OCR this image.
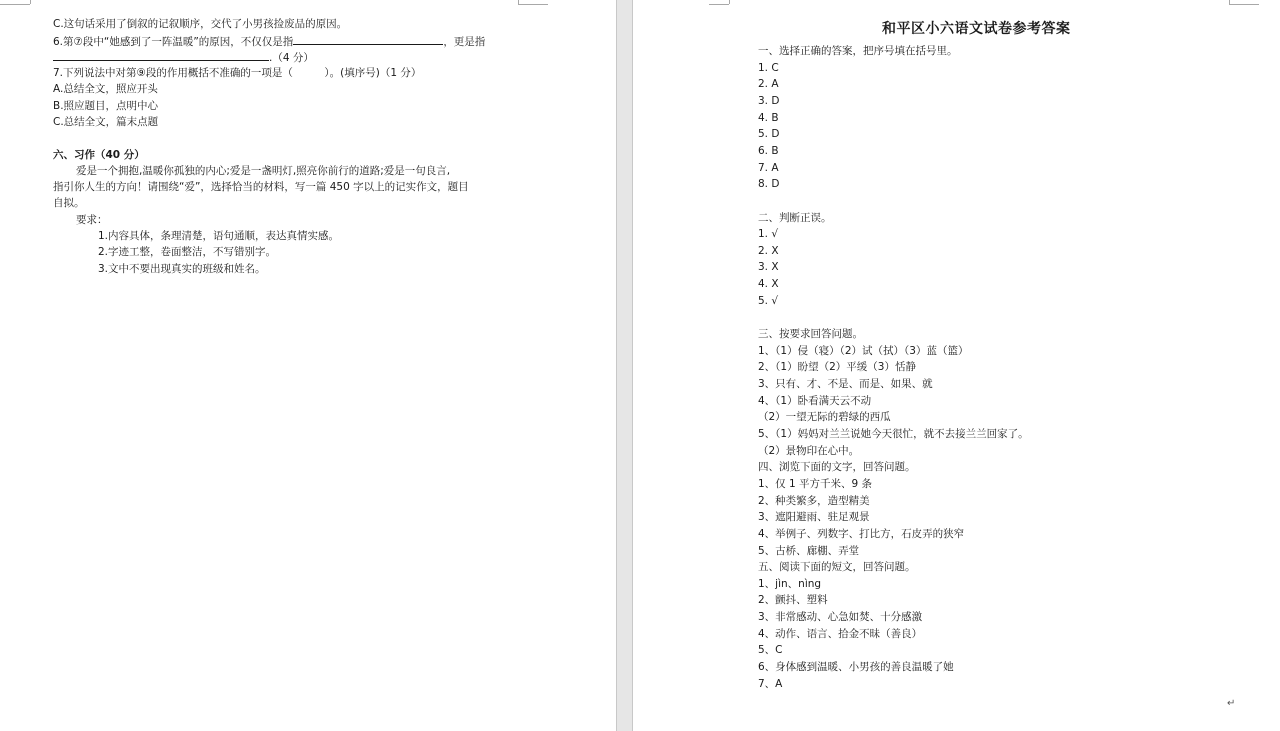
C.这句话采用了倒叙的记叙顺序，交代了小男孩捡废品的原因。
6.第⑦段中“她感到了一阵温暖”的原因，不仅仅是指	，更是指
.（4 分）
7.下列说法中对第⑨段的作用概括不准确的一项是（　　　）。(填序号)（1 分）
A.总结全文，照应开头
B.照应题目，点明中心
C.总结全文，篇末点题
六、习作（40 分）
爱是一个拥抱,温暖你孤独的内心;爱是一盏明灯,照亮你前行的道路;爱是一句良言,
指引你人生的方向！请围绕“爱”，选择恰当的材料，写一篇 450 字以上的记实作文，题目
自拟。
要求：
1.内容具体，条理清楚，语句通顺，表达真情实感。
2.字迹工整，卷面整洁，不写错别字。
3.文中不要出现真实的班级和姓名。
和平区小六语文试卷参考答案
一、选择正确的答案，把序号填在括号里。
1. C
2. A
3. D
4. B
5. D
6. B
7. A
8. D
二、判断正误。
1. √
2. X
3. X
4. X
5. √
三、按要求回答问题。
1、（1）侵（寝）（2）试（拭）（3）蓝（篮）
2、（1）盼望（2）平缓（3）恬静
3、只有、才、不是、而是、如果、就
4、（1）卧看满天云不动
（2）一望无际的碧绿的西瓜
5、（1）妈妈对兰兰说她今天很忙，就不去接兰兰回家了。
（2）景物印在心中。
四、浏览下面的文字，回答问题。
1、仅 1 平方千米、9 条
2、种类繁多，造型精美
3、遮阳避雨、驻足观景
4、举例子、列数字、打比方，石皮弄的狭窄
5、古桥、廊棚、弄堂
五、阅读下面的短文，回答问题。
1、jìn、nìng
2、颤抖、塑料
3、非常感动、心急如焚、十分感激
4、动作、语言、拾金不昧（善良）
5、C
6、身体感到温暖、小男孩的善良温暖了她
7、A
↵
